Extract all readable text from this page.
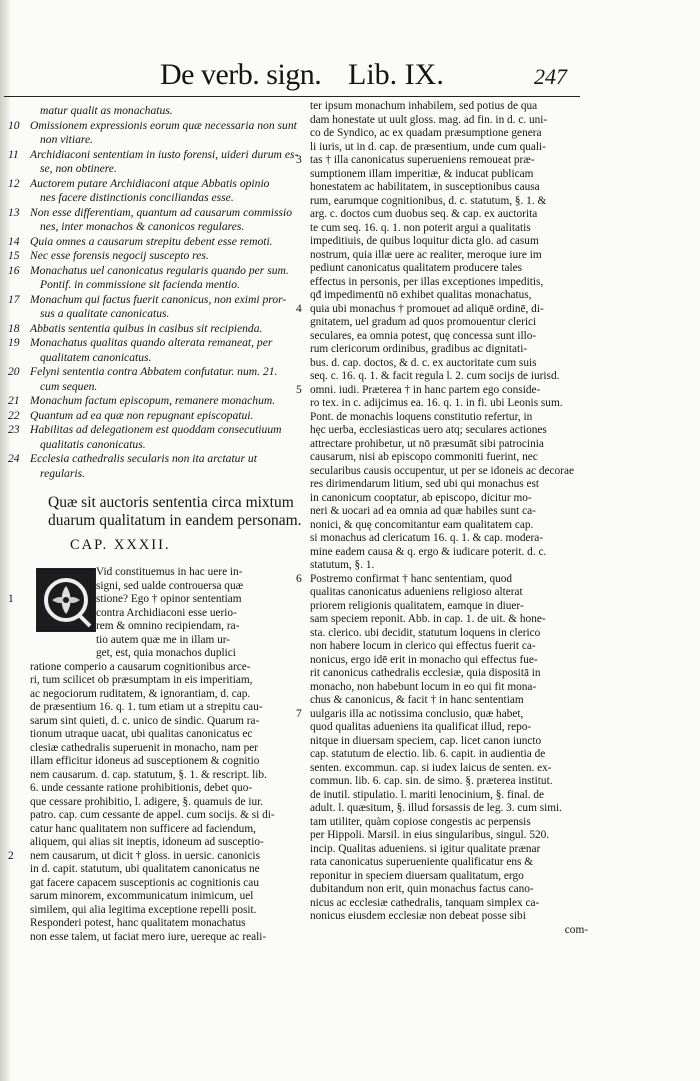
De verb. sign. Lib. IX.	247
matur qualit as monachatus.
10 Omissionem expressionis eorum quæ necessaria non sunt
non vitiare.
11 Archidiaconi sententiam in iusto forensi, uideri durum es-
se, non obtinere.
12 Auctorem putare Archidiaconi atque Abbatis opinio
nes facere distinctionis conciliandas esse.
13 Non esse differentiam, quantum ad causarum commissio
nes, inter monachos & canonicos regulares.
14 Quia omnes a causarum strepitu debent esse remoti.
15 Nec esse forensis negocij suscepto res.
16 Monachatus uel canonicatus regularis quando per sum.
Pontif. in commissione sit facienda mentio.
17 Monachum qui factus fuerit canonicus, non eximi pror-
sus a qualitate canonicatus.
18 Abbatis sententia quibus in casibus sit recipienda.
19 Monachatus qualitas quando alterata remaneat, per
qualitatem canonicatus.
20 Felyni sententia contra Abbatem confutatur. num. 21.
cum sequen.
21 Monachum factum episcopum, remanere monachum.
22 Quantum ad ea quæ non repugnant episcopatui.
23 Habilitas ad delegationem est quoddam consecutiuum
qualitatis canonicatus.
24 Ecclesia cathedralis secularis non ita arctatur ut
regularis.
Quæ sit auctoris sententia circa mixtum
duarum qualitatum in eandem personam.
CAP. XXXII.
Vid constituemus in hac uere in-
signi, sed ualde controuersa quæ
stione? Ego † opinor sententiam
1
contra Archidiaconi esse uerio-
rem & omnino recipiendam, ra-
tio autem quæ me in illam ur-
get, est, quia monachos duplici
ratione comperio a causarum cognitionibus arce-
ri, tum scilicet ob præsumptam in eis imperitiam,
ac negociorum ruditatem, & ignorantiam, d. cap.
de præsentium 16. q. 1. tum etiam ut a strepitu cau-
sarum sint quieti, d. c. unico de sindic. Quarum ra-
tionum utraque uacat, ubi qualitas canonicatus ec
clesiæ cathedralis superuenit in monacho, nam per
illam efficitur idoneus ad susceptionem & cognitio
nem causarum. d. cap. statutum, §. 1. & rescript. lib.
6. unde cessante ratione prohibitionis, debet quo-
que cessare prohibitio, l. adigere, §. quamuis de iur.
patro. cap. cum cessante de appel. cum socijs. & si di-
catur hanc qualitatem non sufficere ad faciendum,
aliquem, qui alias sit ineptis, idoneum ad susceptio-
nem causarum, ut dicit † gloss. in uersic. canonicis
2
in d. capit. statutum, ubi qualitatem canonicatus ne
gat facere capacem susceptionis ac cognitionis cau
sarum minorem, excommunicatum inimicum, uel
similem, qui alia legitima exceptione repelli posit.
Responderi potest, hanc qualitatem monachatus
non esse talem, ut faciat mero iure, uereque ac reali-
ter ipsum monachum inhabilem, sed potius de qua
dam honestate ut uult gloss. mag. ad fin. in d. c. uni-
co de Syndico, ac ex quadam præsumptione genera
li iuris, ut in d. cap. de præsentium, unde cum quali-
tas † illa canonicatus superueniens remoueat præ-
3
sumptionem illam imperitiæ, & inducat publicam
honestatem ac habilitatem, in susceptionibus causa
rum, earumque cognitionibus, d. c. statutum, §. 1. &
arg. c. doctos cum duobus seq. & cap. ex auctorita
te cum seq. 16. q. 1. non poterit argui a qualitatis
impeditiuis, de quibus loquitur dicta glo. ad casum
nostrum, quia illæ uere ac realiter, meroque iure im
pediunt canonicatus qualitatem producere tales
effectus in personis, per illas exceptiones impeditis,
qđ impedimentū nō exhibet qualitas monachatus,
quia ubi monachus † promouet ad aliquē ordinē, di-
4
gnitatem, uel gradum ad quos promouentur clerici
seculares, ea omnia potest, quę concessa sunt illo-
rum clericorum ordinibus, gradibus ac dignitati-
bus. d. cap. doctos, & d. c. ex auctoritate cum suis
seq. c. 16. q. 1. & facit regula l. 2. cum socijs de iurisd.
omni. iudi. Præterea † in hanc partem ego conside-
5
ro tex. in c. adijcimus ea. 16. q. 1. in fi. ubi Leonis sum.
Pont. de monachis loquens constitutio refertur, in
hęc uerba, ecclesiasticas uero atq; seculares actiones
attrectare prohibetur, ut nō præsumāt sibi patrocinia
causarum, nisi ab episcopo commoniti fuerint, nec
secularibus causis occupentur, ut per se idoneis ac decorae
res dirimendarum litium, sed ubi qui monachus est
in canonicum cooptatur, ab episcopo, dicitur mo-
neri & uocari ad ea omnia ad quæ habiles sunt ca-
nonici, & quę concomitantur eam qualitatem cap.
si monachus ad clericatum 16. q. 1. & cap. modera-
mine eadem causa & q. ergo & iudicare poterit. d. c.
statutum, §. 1.
Postremo confirmat † hanc sententiam, quod
6
qualitas canonicatus adueniens religioso alterat
priorem religionis qualitatem, eamque in diuer-
sam speciem reponit. Abb. in cap. 1. de uit. & hone-
sta. clerico. ubi decidit, statutum loquens in clerico
non habere locum in clerico qui effectus fuerit ca-
nonicus, ergo idē erit in monacho qui effectus fue-
rit canonicus cathedralis ecclesiæ, quia dispositā in
monacho, non habebunt locum in eo qui fit mona-
chus & canonicus, & facit † in hanc sententiam
uulgaris illa ac notissima conclusio, quæ habet,
7
quod qualitas adueniens ita qualificat illud, repo-
nitque in diuersam speciem, cap. licet canon iuncto
cap. statutum de electio. lib. 6. capit. in audientia de
senten. excommun. cap. si iudex laicus de senten. ex-
commun. lib. 6. cap. sin. de simo. §. præterea institut.
de inutil. stipulatio. l. mariti lenocinium, §. final. de
adult. l. quæsitum, §. illud forsassis de leg. 3. cum simi.
tam utiliter, quàm copiose congestis ac perpensis
per Hippoli. Marsil. in eius singularibus, singul. 520.
incip. Qualitas adueniens. si igitur qualitate prænar
rata canonicatus superueniente qualificatur ens &
reponitur in speciem diuersam qualitatum, ergo
dubitandum non erit, quin monachus factus cano-
nicus ac ecclesiæ cathedralis, tanquam simplex ca-
nonicus eiusdem ecclesiæ non debeat posse sibi
com-
